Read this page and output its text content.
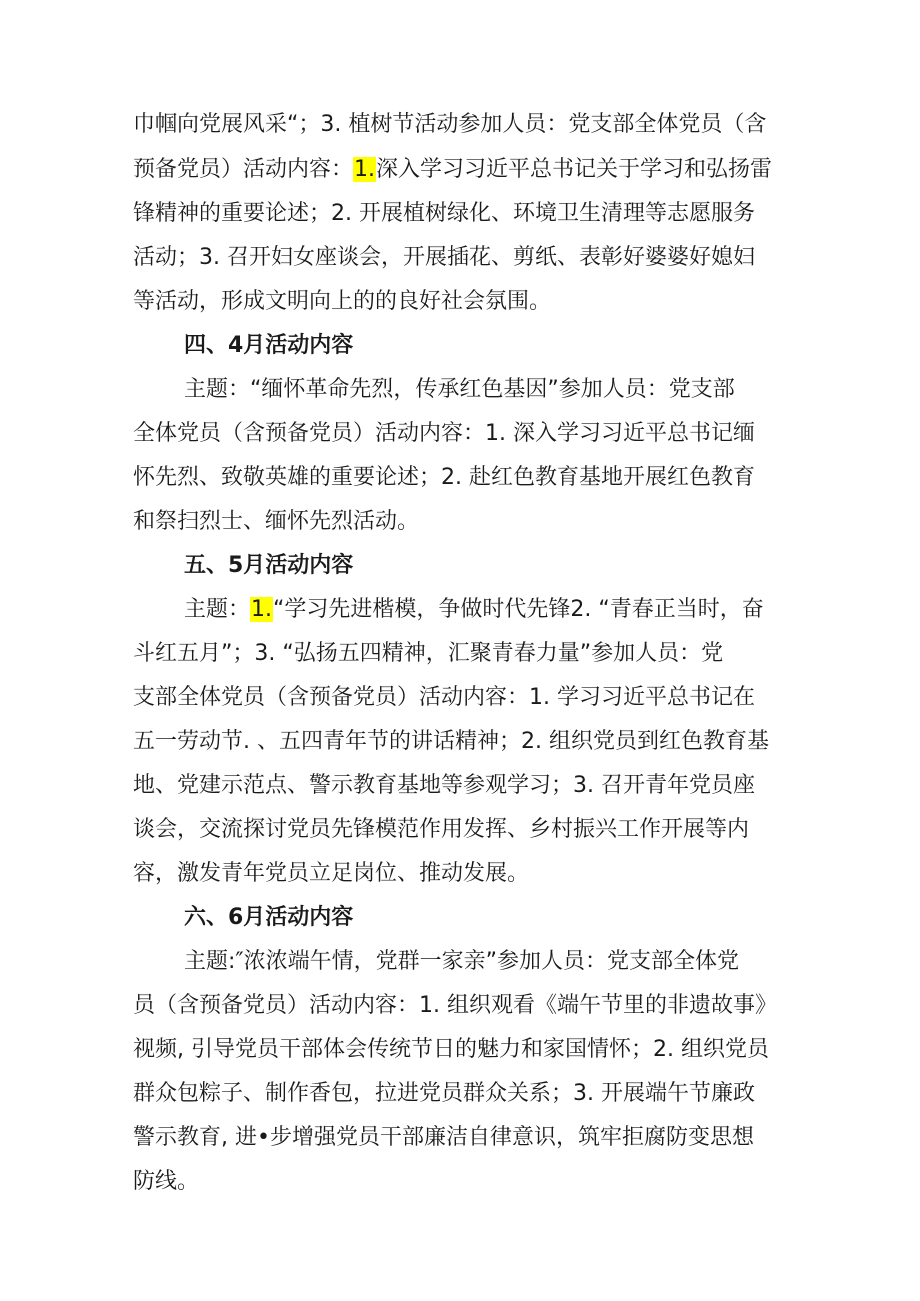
巾帼向党展风采“；3. 植树节活动参加人员：党支部全体党员（含
预备党员）活动内容：1.深入学习习近平总书记关于学习和弘扬雷
锋精神的重要论述；2. 开展植树绿化、环境卫生清理等志愿服务
活动；3. 召开妇女座谈会，开展插花、剪纸、表彰好婆婆好媳妇
等活动，形成文明向上的的良好社会氛围。
四、4月活动内容
主题：“缅怀革命先烈，传承红色基因”参加人员：党支部
全体党员（含预备党员）活动内容：1. 深入学习习近平总书记缅
怀先烈、致敬英雄的重要论述；2. 赴红色教育基地开展红色教育
和祭扫烈士、缅怀先烈活动。
五、5月活动内容
主题：1.“学习先进楷模，争做时代先锋2. “青春正当时，奋
斗红五月”；3. “弘扬五四精神，汇聚青春力量”参加人员：党
支部全体党员（含预备党员）活动内容：1. 学习习近平总书记在
五一劳动节. 、五四青年节的讲话精神；2. 组织党员到红色教育基
地、党建示范点、警示教育基地等参观学习；3. 召开青年党员座
谈会，交流探讨党员先锋模范作用发挥、乡村振兴工作开展等内
容，激发青年党员立足岗位、推动发展。
六、6月活动内容
主题:″浓浓端午情，党群一家亲”参加人员：党支部全体党
员（含预备党员）活动内容：1. 组织观看《端午节里的非遗故事》
视频, 引导党员干部体会传统节日的魅力和家国情怀；2. 组织党员
群众包粽子、制作香包，拉进党员群众关系；3. 开展端午节廉政
警示教育, 进•步增强党员干部廉洁自律意识，筑牢拒腐防变思想
防线。
